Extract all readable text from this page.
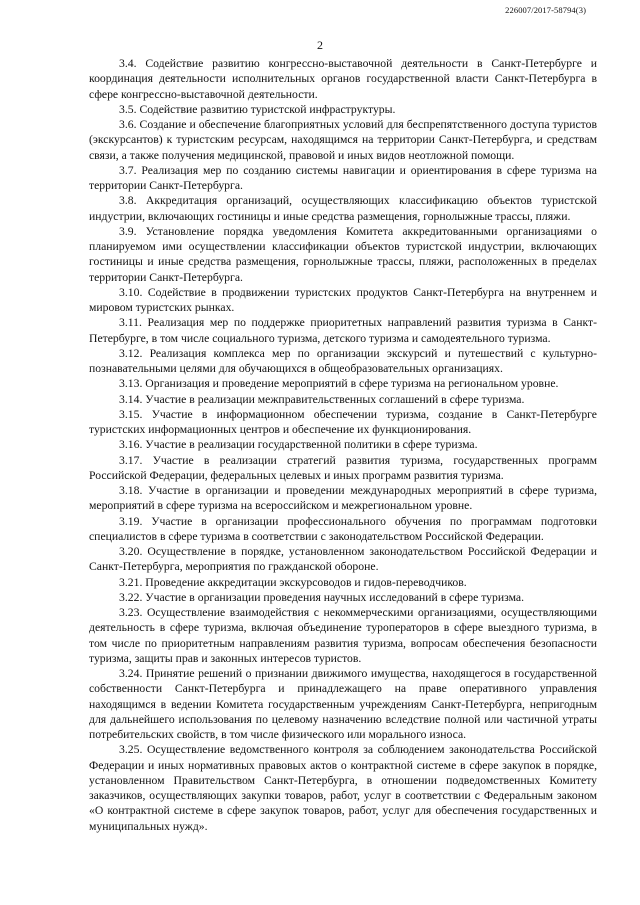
226007/2017-58794(3)
2

3.4. Содействие развитию конгрессно-выставочной деятельности в Санкт-Петербурге и координация деятельности исполнительных органов государственной власти Санкт-Петербурга в сфере конгрессно-выставочной деятельности.

3.5. Содействие развитию туристской инфраструктуры.

3.6. Создание и обеспечение благоприятных условий для беспрепятственного доступа туристов (экскурсантов) к туристским ресурсам, находящимся на территории Санкт-Петербурга, и средствам связи, а также получения медицинской, правовой и иных видов неотложной помощи.

3.7. Реализация мер по созданию системы навигации и ориентирования в сфере туризма на территории Санкт-Петербурга.

3.8. Аккредитация организаций, осуществляющих классификацию объектов туристской индустрии, включающих гостиницы и иные средства размещения, горнолыжные трассы, пляжи.

3.9. Установление порядка уведомления Комитета аккредитованными организациями о планируемом ими осуществлении классификации объектов туристской индустрии, включающих гостиницы и иные средства размещения, горнолыжные трассы, пляжи, расположенных в пределах территории Санкт-Петербурга.

3.10. Содействие в продвижении туристских продуктов Санкт-Петербурга на внутреннем и мировом туристских рынках.

3.11. Реализация мер по поддержке приоритетных направлений развития туризма в Санкт-Петербурге, в том числе социального туризма, детского туризма и самодеятельного туризма.

3.12. Реализация комплекса мер по организации экскурсий и путешествий с культурно-познавательными целями для обучающихся в общеобразовательных организациях.

3.13. Организация и проведение мероприятий в сфере туризма на региональном уровне.

3.14. Участие в реализации межправительственных соглашений в сфере туризма.

3.15. Участие в информационном обеспечении туризма, создание в Санкт-Петербурге туристских информационных центров и обеспечение их функционирования.

3.16. Участие в реализации государственной политики в сфере туризма.

3.17. Участие в реализации стратегий развития туризма, государственных программ Российской Федерации, федеральных целевых и иных программ развития туризма.

3.18. Участие в организации и проведении международных мероприятий в сфере туризма, мероприятий в сфере туризма на всероссийском и межрегиональном уровне.

3.19. Участие в организации профессионального обучения по программам подготовки специалистов в сфере туризма в соответствии с законодательством Российской Федерации.

3.20. Осуществление в порядке, установленном законодательством Российской Федерации и Санкт-Петербурга, мероприятия по гражданской обороне.

3.21. Проведение аккредитации экскурсоводов и гидов-переводчиков.

3.22. Участие в организации проведения научных исследований в сфере туризма.

3.23. Осуществление взаимодействия с некоммерческими организациями, осуществляющими деятельность в сфере туризма, включая объединение туроператоров в сфере выездного туризма, в том числе по приоритетным направлениям развития туризма, вопросам обеспечения безопасности туризма, защиты прав и законных интересов туристов.

3.24. Принятие решений о признании движимого имущества, находящегося в государственной собственности Санкт-Петербурга и принадлежащего на праве оперативного управления находящимся в ведении Комитета государственным учреждениям Санкт-Петербурга, непригодным для дальнейшего использования по целевому назначению вследствие полной или частичной утраты потребительских свойств, в том числе физического или морального износа.

3.25. Осуществление ведомственного контроля за соблюдением законодательства Российской Федерации и иных нормативных правовых актов о контрактной системе в сфере закупок в порядке, установленном Правительством Санкт-Петербурга, в отношении подведомственных Комитету заказчиков, осуществляющих закупки товаров, работ, услуг в соответствии с Федеральным законом «О контрактной системе в сфере закупок товаров, работ, услуг для обеспечения государственных и муниципальных нужд».
